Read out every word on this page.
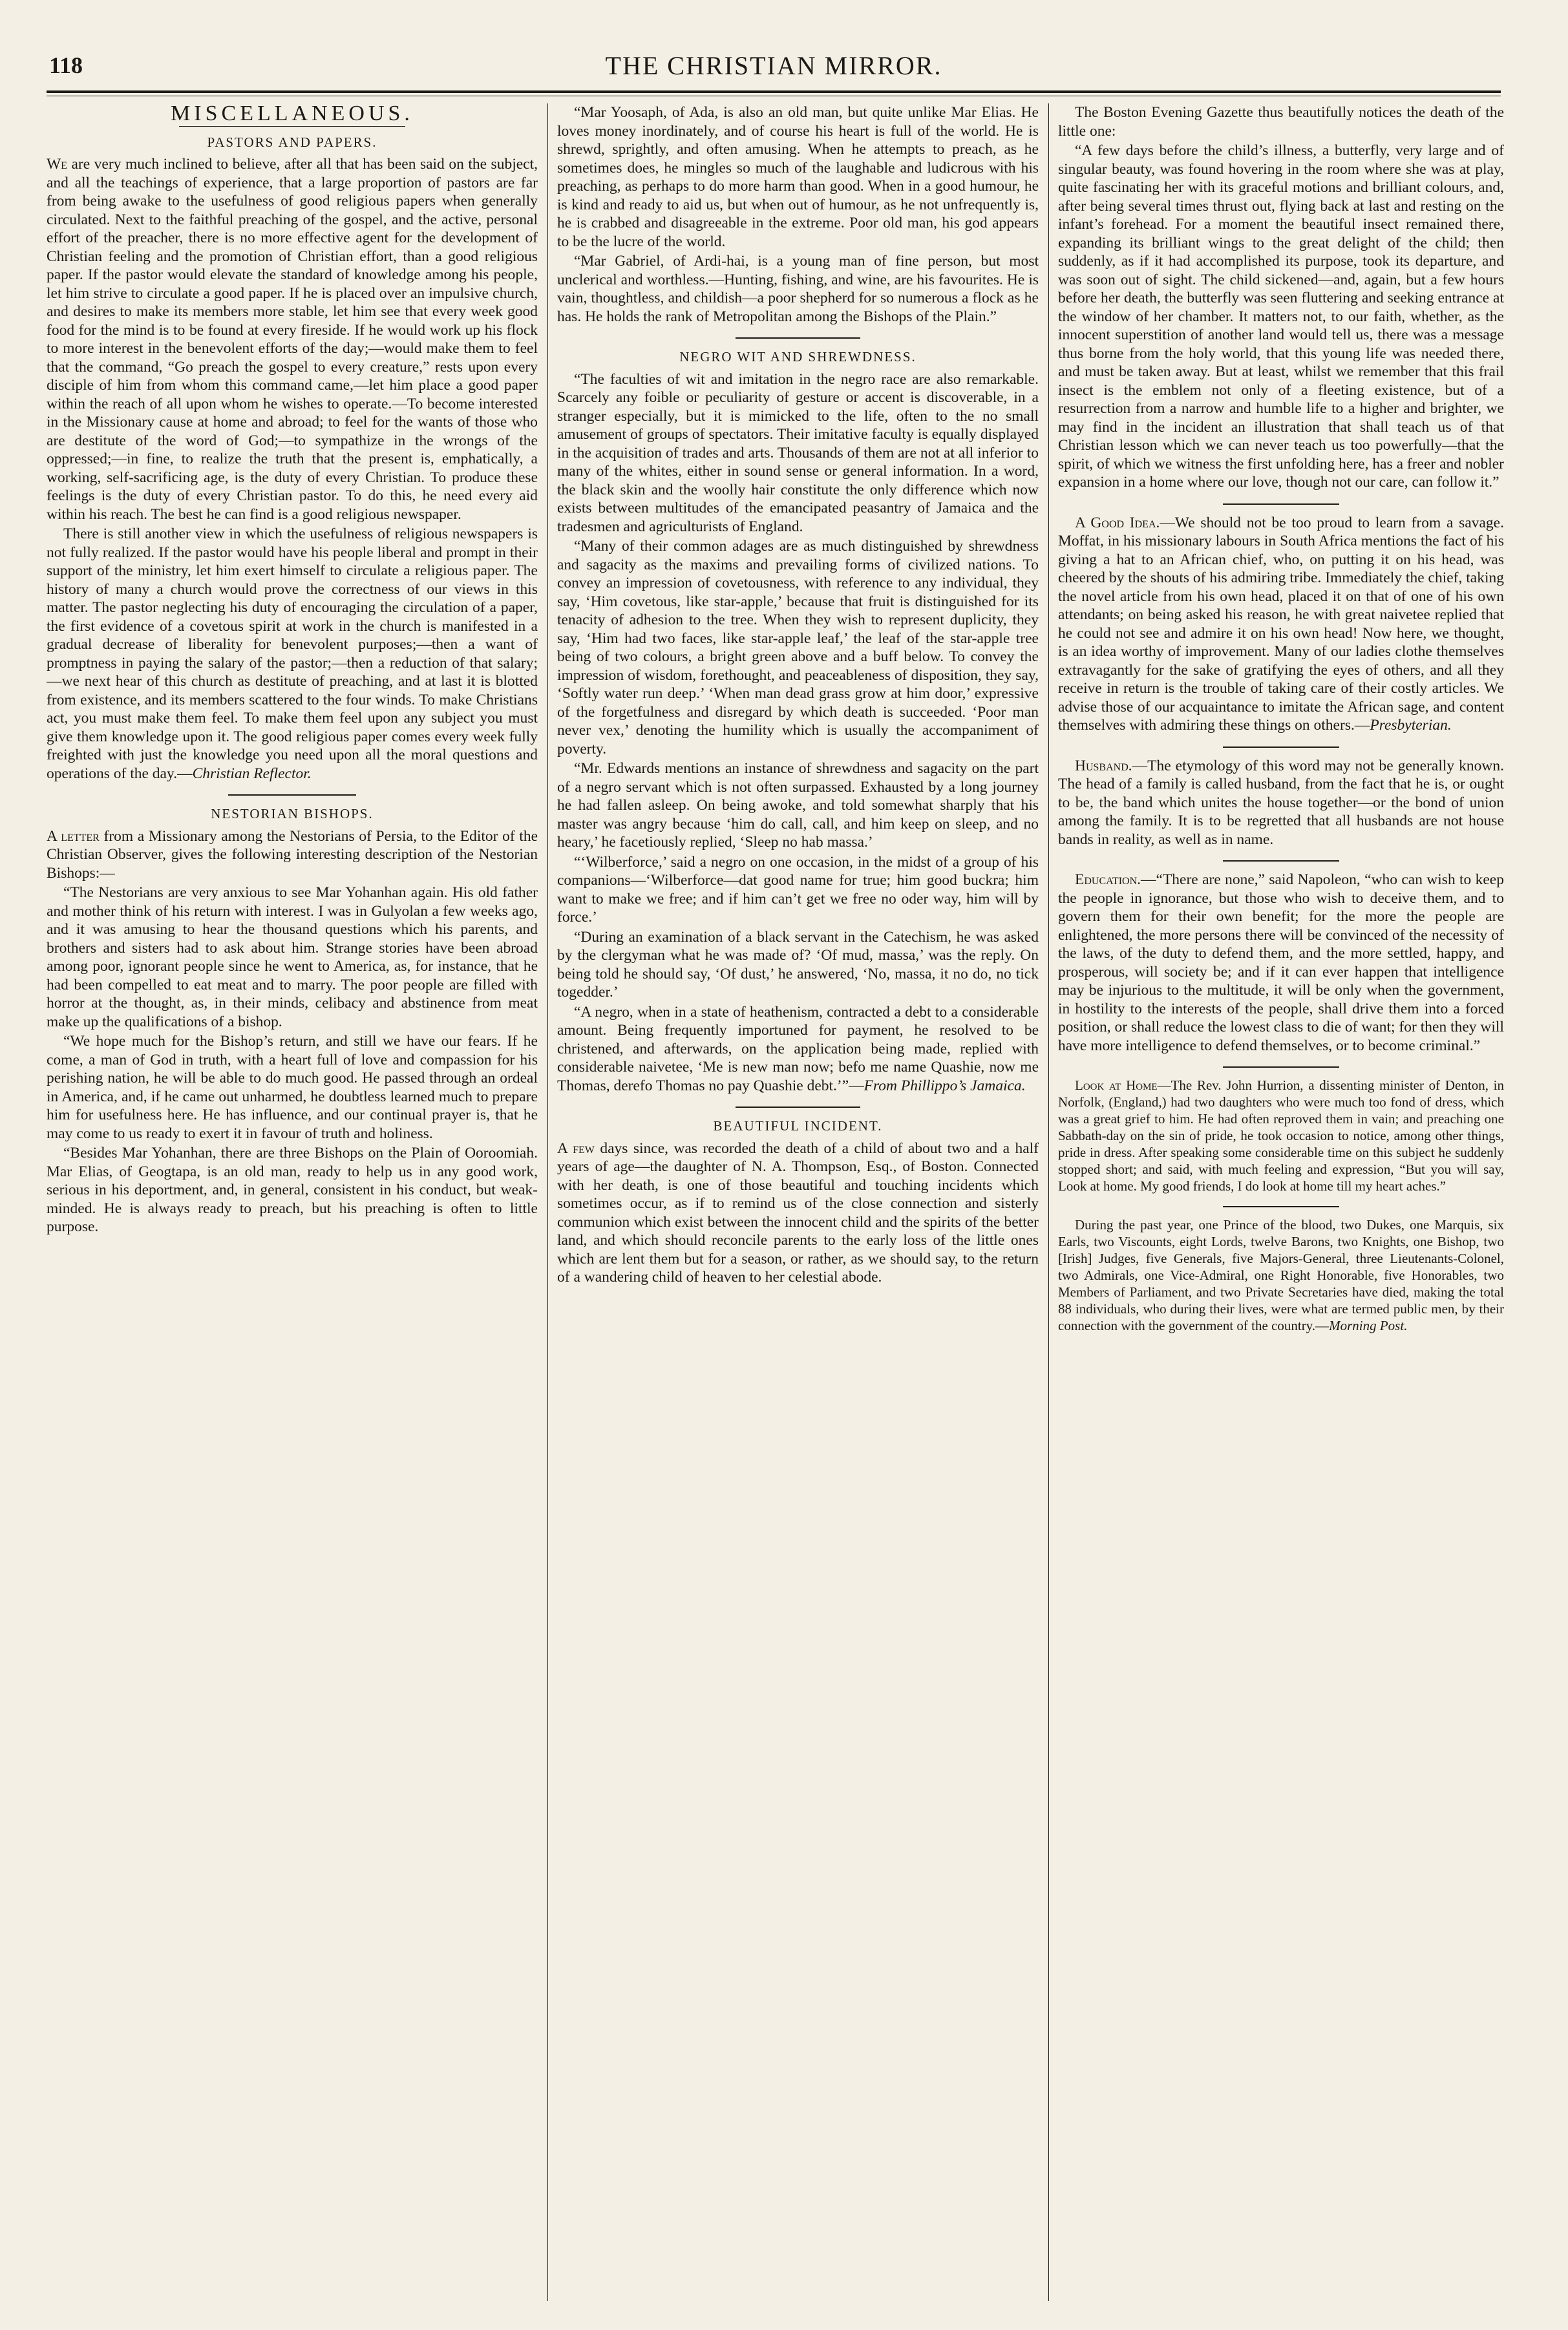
118	THE CHRISTIAN MIRROR.
MISCELLANEOUS.
PASTORS AND PAPERS.

We are very much inclined to believe, after all that has been said on the subject, and all the teachings of experience, that a large proportion of pastors are far from being awake to the usefulness of good religious papers when generally circulated. Next to the faithful preaching of the gospel, and the active, personal effort of the preacher, there is no more effective agent for the development of Christian feeling and the promotion of Christian effort, than a good religious paper. If the pastor would elevate the standard of knowledge among his people, let him strive to circulate a good paper. If he is placed over an impulsive church, and desires to make its members more stable, let him see that every week good food for the mind is to be found at every fireside. If he would work up his flock to more interest in the benevolent efforts of the day;—would make them to feel that the command, “Go preach the gospel to every creature,” rests upon every disciple of him from whom this command came,—let him place a good paper within the reach of all upon whom he wishes to operate.—To become interested in the Missionary cause at home and abroad; to feel for the wants of those who are destitute of the word of God;—to sympathize in the wrongs of the oppressed;—in fine, to realize the truth that the present is, emphatically, a working, self-sacrificing age, is the duty of every Christian. To produce these feelings is the duty of every Christian pastor. To do this, he need every aid within his reach. The best he can find is a good religious newspaper.

There is still another view in which the usefulness of religious newspapers is not fully realized. If the pastor would have his people liberal and prompt in their support of the ministry, let him exert himself to circulate a religious paper. The history of many a church would prove the correctness of our views in this matter. The pastor neglecting his duty of encouraging the circulation of a paper, the first evidence of a covetous spirit at work in the church is manifested in a gradual decrease of liberality for benevolent purposes;—then a want of promptness in paying the salary of the pastor;—then a reduction of that salary;—we next hear of this church as destitute of preaching, and at last it is blotted from existence, and its members scattered to the four winds. To make Christians act, you must make them feel. To make them feel upon any subject you must give them knowledge upon it. The good religious paper comes every week fully freighted with just the knowledge you need upon all the moral questions and operations of the day.—Christian Reflector.

NESTORIAN BISHOPS.

A letter from a Missionary among the Nestorians of Persia, to the Editor of the Christian Observer, gives the following interesting description of the Nestorian Bishops:—

“The Nestorians are very anxious to see Mar Yohanhan again. His old father and mother think of his return with interest. I was in Gulyolan a few weeks ago, and it was amusing to hear the thousand questions which his parents, and brothers and sisters had to ask about him. Strange stories have been abroad among poor, ignorant people since he went to America, as, for instance, that he had been compelled to eat meat and to marry. The poor people are filled with horror at the thought, as, in their minds, celibacy and abstinence from meat make up the qualifications of a bishop.

“We hope much for the Bishop’s return, and still we have our fears. If he come, a man of God in truth, with a heart full of love and compassion for his perishing nation, he will be able to do much good. He passed through an ordeal in America, and, if he came out unharmed, he doubtless learned much to prepare him for usefulness here. He has influence, and our continual prayer is, that he may come to us ready to exert it in favour of truth and holiness.

“Besides Mar Yohanhan, there are three Bishops on the Plain of Ooroomiah. Mar Elias, of Geogtapa, is an old man, ready to help us in any good work, serious in his deportment, and, in general, consistent in his conduct, but weak-minded. He is always ready to preach, but his preaching is often to little purpose.

“Mar Yoosaph, of Ada, is also an old man, but quite unlike Mar Elias. He loves money inordinately, and of course his heart is full of the world. He is shrewd, sprightly, and often amusing. When he attempts to preach, as he sometimes does, he mingles so much of the laughable and ludicrous with his preaching, as perhaps to do more harm than good. When in a good humour, he is kind and ready to aid us, but when out of humour, as he not unfrequently is, he is crabbed and disagreeable in the extreme. Poor old man, his god appears to be the lucre of the world.

“Mar Gabriel, of Ardi-hai, is a young man of fine person, but most unclerical and worthless.—Hunting, fishing, and wine, are his favourites. He is vain, thoughtless, and childish—a poor shepherd for so numerous a flock as he has. He holds the rank of Metropolitan among the Bishops of the Plain.”

NEGRO WIT AND SHREWDNESS.

“The faculties of wit and imitation in the negro race are also remarkable. Scarcely any foible or peculiarity of gesture or accent is discoverable, in a stranger especially, but it is mimicked to the life, often to the no small amusement of groups of spectators. Their imitative faculty is equally displayed in the acquisition of trades and arts. Thousands of them are not at all inferior to many of the whites, either in sound sense or general information. In a word, the black skin and the woolly hair constitute the only difference which now exists between multitudes of the emancipated peasantry of Jamaica and the tradesmen and agriculturists of England.

“Many of their common adages are as much distinguished by shrewdness and sagacity as the maxims and prevailing forms of civilized nations. To convey an impression of covetousness, with reference to any individual, they say, ‘Him covetous, like star-apple,’ because that fruit is distinguished for its tenacity of adhesion to the tree. When they wish to represent duplicity, they say, ‘Him had two faces, like star-apple leaf,’ the leaf of the star-apple tree being of two colours, a bright green above and a buff below. To convey the impression of wisdom, forethought, and peaceableness of disposition, they say, ‘Softly water run deep.’ ‘When man dead grass grow at him door,’ expressive of the forgetfulness and disregard by which death is succeeded. ‘Poor man never vex,’ denoting the humility which is usually the accompaniment of poverty.

“Mr. Edwards mentions an instance of shrewdness and sagacity on the part of a negro servant which is not often surpassed. Exhausted by a long journey he had fallen asleep. On being awoke, and told somewhat sharply that his master was angry because ‘him do call, call, and him keep on sleep, and no heary,’ he facetiously replied, ‘Sleep no hab massa.’

“‘Wilberforce,’ said a negro on one occasion, in the midst of a group of his companions—‘Wilberforce—dat good name for true; him good buckra; him want to make we free; and if him can’t get we free no oder way, him will by force.’

“During an examination of a black servant in the Catechism, he was asked by the clergyman what he was made of? ‘Of mud, massa,’ was the reply. On being told he should say, ‘Of dust,’ he answered, ‘No, massa, it no do, no tick togedder.’

“A negro, when in a state of heathenism, contracted a debt to a considerable amount. Being frequently importuned for payment, he resolved to be christened, and afterwards, on the application being made, replied with considerable naivetee, ‘Me is new man now; befo me name Quashie, now me Thomas, derefo Thomas no pay Quashie debt.’”—From Phillippo’s Jamaica.

BEAUTIFUL INCIDENT.

A few days since, was recorded the death of a child of about two and a half years of age—the daughter of N. A. Thompson, Esq., of Boston. Connected with her death, is one of those beautiful and touching incidents which sometimes occur, as if to remind us of the close connection and sisterly communion which exist between the innocent child and the spirits of the better land, and which should reconcile parents to the early loss of the little ones which are lent them but for a season, or rather, as we should say, to the return of a wandering child of heaven to her celestial abode.

The Boston Evening Gazette thus beautifully notices the death of the little one:

“A few days before the child’s illness, a butterfly, very large and of singular beauty, was found hovering in the room where she was at play, quite fascinating her with its graceful motions and brilliant colours, and, after being several times thrust out, flying back at last and resting on the infant’s forehead. For a moment the beautiful insect remained there, expanding its brilliant wings to the great delight of the child; then suddenly, as if it had accomplished its purpose, took its departure, and was soon out of sight. The child sickened—and, again, but a few hours before her death, the butterfly was seen fluttering and seeking entrance at the window of her chamber. It matters not, to our faith, whether, as the innocent superstition of another land would tell us, there was a message thus borne from the holy world, that this young life was needed there, and must be taken away. But at least, whilst we remember that this frail insect is the emblem not only of a fleeting existence, but of a resurrection from a narrow and humble life to a higher and brighter, we may find in the incident an illustration that shall teach us of that Christian lesson which we can never teach us too powerfully—that the spirit, of which we witness the first unfolding here, has a freer and nobler expansion in a home where our love, though not our care, can follow it.”

A Good Idea.—We should not be too proud to learn from a savage. Moffat, in his missionary labours in South Africa mentions the fact of his giving a hat to an African chief, who, on putting it on his head, was cheered by the shouts of his admiring tribe. Immediately the chief, taking the novel article from his own head, placed it on that of one of his own attendants; on being asked his reason, he with great naivetee replied that he could not see and admire it on his own head! Now here, we thought, is an idea worthy of improvement. Many of our ladies clothe themselves extravagantly for the sake of gratifying the eyes of others, and all they receive in return is the trouble of taking care of their costly articles. We advise those of our acquaintance to imitate the African sage, and content themselves with admiring these things on others.—Presbyterian.

Husband.—The etymology of this word may not be generally known. The head of a family is called husband, from the fact that he is, or ought to be, the band which unites the house together—or the bond of union among the family. It is to be regretted that all husbands are not house bands in reality, as well as in name.

Education.—“There are none,” said Napoleon, “who can wish to keep the people in ignorance, but those who wish to deceive them, and to govern them for their own benefit; for the more the people are enlightened, the more persons there will be convinced of the necessity of the laws, of the duty to defend them, and the more settled, happy, and prosperous, will society be; and if it can ever happen that intelligence may be injurious to the multitude, it will be only when the government, in hostility to the interests of the people, shall drive them into a forced position, or shall reduce the lowest class to die of want; for then they will have more intelligence to defend themselves, or to become criminal.”

Look at Home—The Rev. John Hurrion, a dissenting minister of Denton, in Norfolk, (England,) had two daughters who were much too fond of dress, which was a great grief to him. He had often reproved them in vain; and preaching one Sabbath-day on the sin of pride, he took occasion to notice, among other things, pride in dress. After speaking some considerable time on this subject he suddenly stopped short; and said, with much feeling and expression, “But you will say, Look at home. My good friends, I do look at home till my heart aches.”

During the past year, one Prince of the blood, two Dukes, one Marquis, six Earls, two Viscounts, eight Lords, twelve Barons, two Knights, one Bishop, two [Irish] Judges, five Generals, five Majors-General, three Lieutenants-Colonel, two Admirals, one Vice-Admiral, one Right Honorable, five Honorables, two Members of Parliament, and two Private Secretaries have died, making the total 88 individuals, who during their lives, were what are termed public men, by their connection with the government of the country.—Morning Post.
